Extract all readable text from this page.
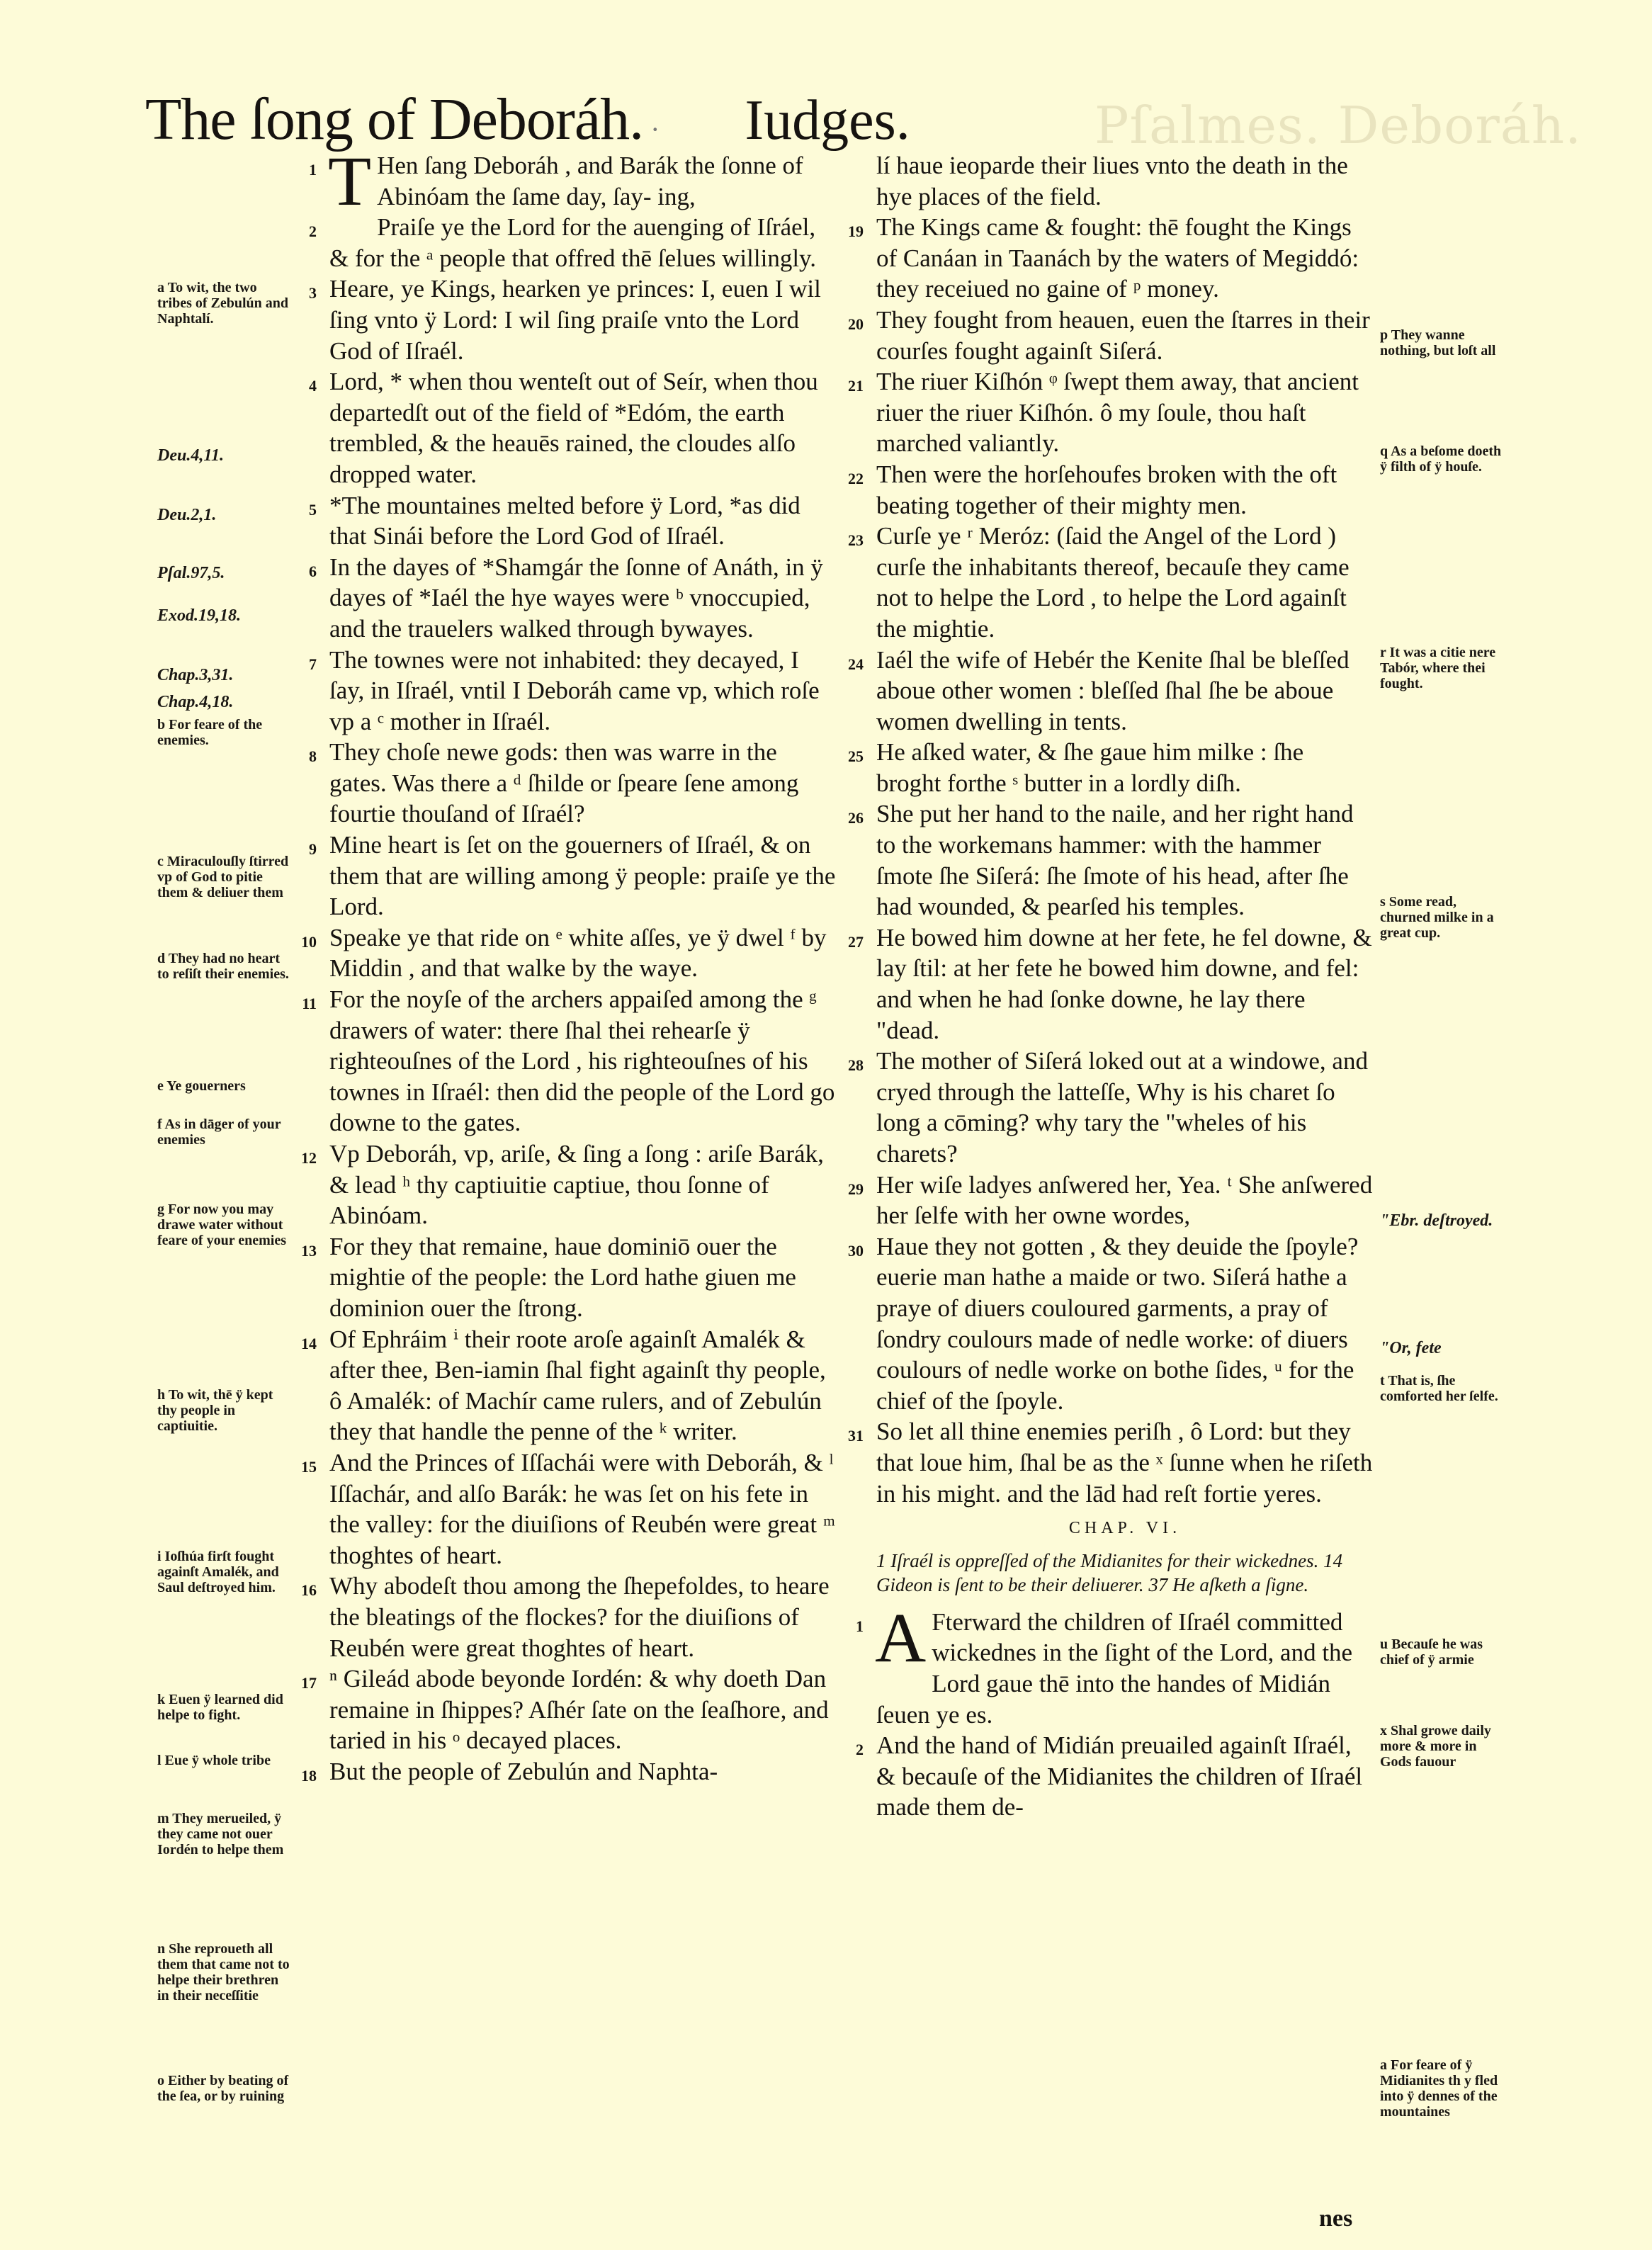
Pſalmes. Deboráh.
The ſong of Deboráh. · Iudges.

1 T Hen ſang Deboráh , and Barák the ſonne of Abinóam the ſame day, ſay- ing,

2 Praiſe ye the Lord for the auenging of Iſráel, & for the ᵃ people that offred thē ſelues willingly.

3 Heare, ye Kings, hearken ye princes: I, euen I wil ſing vnto ÿ Lord: I wil ſing praiſe vnto the Lord God of Iſraél.

4 Lord, * when thou wenteſt out of Seír, when thou departedſt out of the field of *Edóm, the earth trembled, & the heauēs rained, the cloudes alſo dropped water.

5 *The mountaines melted before ÿ Lord, *as did that Sinái before the Lord God of Iſraél.

6 In the dayes of *Shamgár the ſonne of Anáth, in ÿ dayes of *Iaél the hye wayes were ᵇ vnoccupied, and the trauelers walked through bywayes.

7 The townes were not inhabited: they decayed, I ſay, in Iſraél, vntil I Deboráh came vp, which roſe vp a ᶜ mother in Iſraél.

8 They choſe newe gods: then was warre in the gates. Was there a ᵈ ſhilde or ſpeare ſene among fourtie thouſand of Iſraél?

9 Mine heart is ſet on the gouerners of Iſraél, & on them that are willing among ÿ people: praiſe ye the Lord.

10 Speake ye that ride on ᵉ white aſſes, ye ÿ dwel ᶠ by Middin , and that walke by the waye.

11 For the noyſe of the archers appaiſed among the ᵍ drawers of water: there ſhal thei rehearſe ÿ righteouſnes of the Lord , his righteouſnes of his townes in Iſraél: then did the people of the Lord go downe to the gates.

12 Vp Deboráh, vp, ariſe, & ſing a ſong : ariſe Barák, & lead ʰ thy captiuitie captiue, thou ſonne of Abinóam.

13 For they that remaine, haue dominiō ouer the mightie of the people: the Lord hathe giuen me dominion ouer the ſtrong.

14 Of Ephráim ⁱ their roote aroſe againſt Amalék & after thee, Ben-iamin ſhal fight againſt thy people, ô Amalék: of Machír came rulers, and of Zebulún they that handle the penne of the ᵏ writer.

15 And the Princes of Iſſachái were with Deboráh, & ˡ Iſſachár, and alſo Barák: he was ſet on his fete in the valley: for the diuiſions of Reubén were great ᵐ thoghtes of heart.

16 Why abodeſt thou among the ſhepefoldes, to heare the bleatings of the flockes? for the diuiſions of Reubén were great thoghtes of heart.

17 ⁿ Gileád abode beyonde Iordén: & why doeth Dan remaine in ſhippes? Aſhér ſate on the ſeaſhore, and taried in his ᵒ decayed places.

18 But the people of Zebulún and Naphta-

lí haue ieoparde their liues vnto the death in the hye places of the field.

19 The Kings came & fought: thē fought the Kings of Canáan in Taanách by the waters of Megiddó: they receiued no gaine of ᵖ money.

20 They fought from heauen, euen the ſtarres in their courſes fought againſt Siſerá.

21 The riuer Kiſhón ᵠ ſwept them away, that ancient riuer the riuer Kiſhón. ô my ſoule, thou haſt marched valiantly.

22 Then were the horſehoufes broken with the oft beating together of their mighty men.

23 Curſe ye ʳ Meróz: (ſaid the Angel of the Lord ) curſe the inhabitants thereof, becauſe they came not to helpe the Lord , to helpe the Lord againſt the mightie.

24 Iaél the wife of Hebér the Kenite ſhal be bleſſed aboue other women : bleſſed ſhal ſhe be aboue women dwelling in tents.

25 He aſked water, & ſhe gaue him milke : ſhe broght forthe ˢ butter in a lordly diſh.

26 She put her hand to the naile, and her right hand to the workemans hammer: with the hammer ſmote ſhe Siſerá: ſhe ſmote of his head, after ſhe had wounded, & pearſed his temples.

27 He bowed him downe at her fete, he fel downe, & lay ſtil: at her fete he bowed him downe, and fel: and when he had ſonke downe, he lay there "dead.

28 The mother of Siſerá loked out at a windowe, and cryed through the lattеſſe, Why is his charet ſo long a cōming? why tary the "wheles of his charets?

29 Her wiſe ladyes anſwered her, Yea. ᵗ She anſwered her ſelfe with her owne wordes,

30 Haue they not gotten , & they deuide the ſpoyle? euerie man hathe a maide or two. Siſerá hathe a praye of diuers coulоured garments, a pray of ſondry coulours made of nedle worke: of diuers coulours of nedle worke on bothe ſides, ᵘ for the chief of the ſpoyle.

31 So let all thine enemies periſh , ô Lord: but they that loue him, ſhal be as the ˣ ſunne when he riſeth in his might. and the lād had reſt fortie yeres.

CHAP. VI.
1 Iſraél is oppreſſed of the Midianites for their wickednes. 14 Gideon is ſent to be their deliuerer. 37 He aſketh a ſigne.

1 A Fterward the children of Iſraél committed wickednes in the ſight of the Lord, and the Lord gaue thē into the handes of Midián ſeuen ye es.

2 And the hand of Midián preuailed againſt Iſraél, & becauſe of the Midianites the children of Iſraél made them de-

a To wit, the two tribes of Zebulún and Naphtalí.
Deu.4,11.
Deu.2,1.
Pſal.97,5.
Exod.19,18.
Chap.3,31.
Chap.4,18.
b For feare of the enemies.
c Miraculouſly ſtirred vp of God to pitie them & deliuer them
d They had no heart to reſiſt their enemies.
e Ye gouerners
f As in dāger of your enemies
g For now you may drawe water without feare of your enemies
h To wit, thē ÿ kept thy people in captiuitie.
i Ioſhúa firſt fought againſt Amalék, and Saul deſtroyed him.
k Euen ÿ learned did helpe to fight.
l Eue ÿ whole tribe
m They merueiled, ÿ they came not ouer Iordén to helpe them
n She reproueth all them that came not to helpe their brethren in their neceſſitie
o Either by beating of the ſea, or by ruining
p They wanne nothing, but loſt all
q As a beſome doeth ÿ filth of ÿ houſe.
r It was a citie nere Tabór, where thei fought.
s Some read, churned milke in a great cup.
"Ebr. deſtroyed.
"Or, fete
t That is, ſhe comforted her ſelfe.
u Becauſe he was chief of ÿ armie
x Shal growe daily more & more in Gods fauour
a For feare of ÿ Midianites th y fled into ÿ dennes of the mountaines
nes
